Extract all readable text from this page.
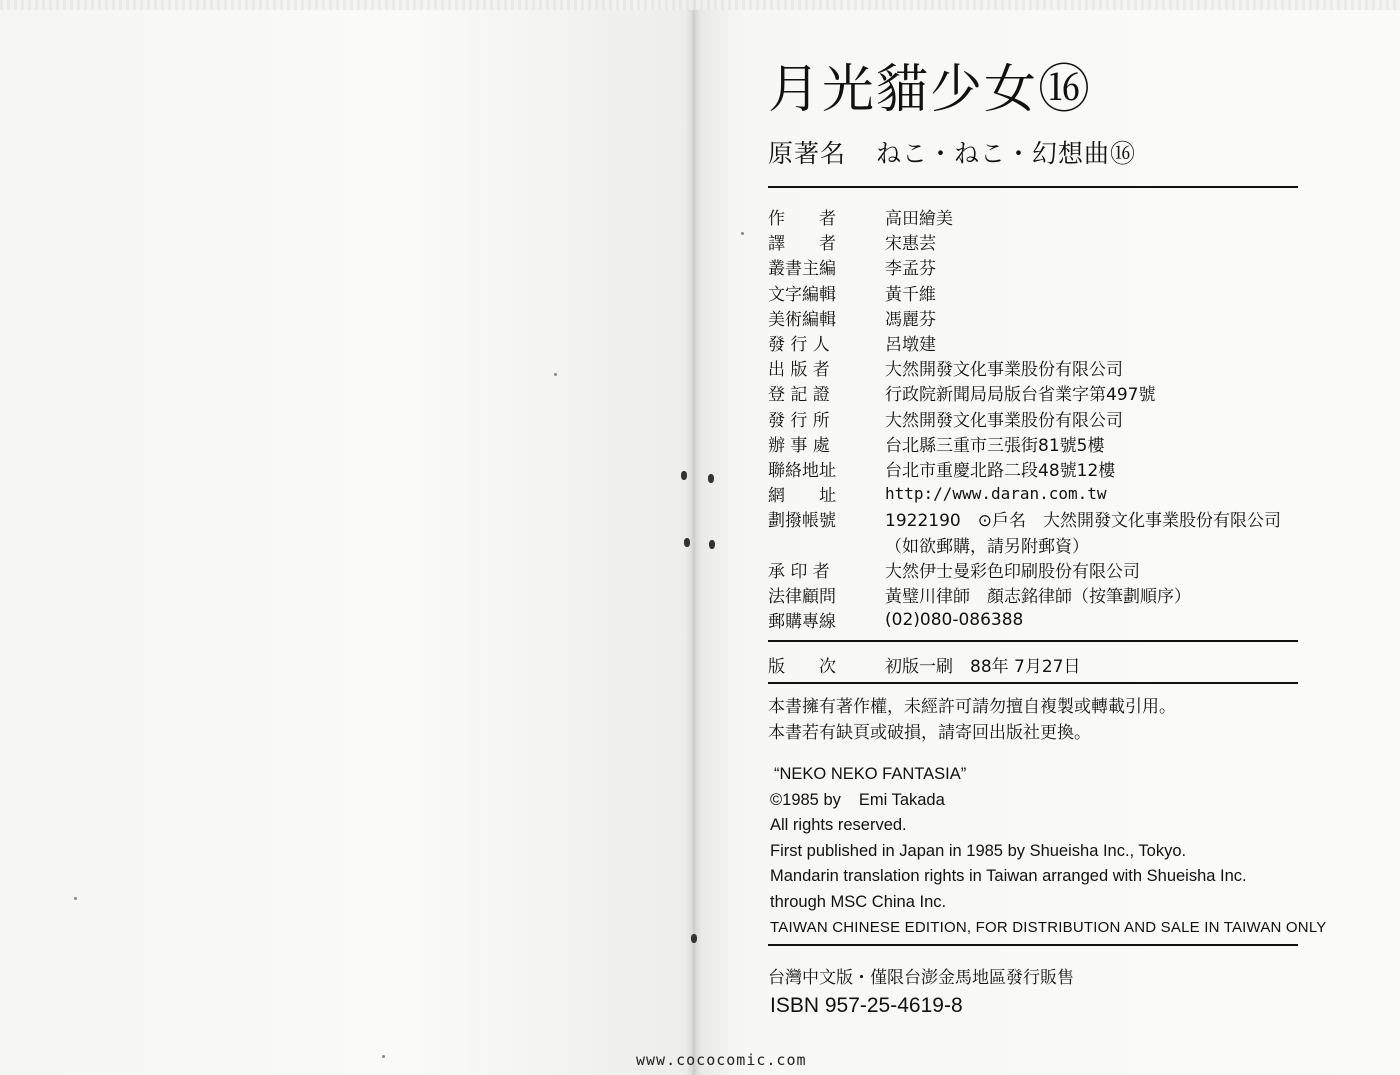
月光貓少女⑯
原著名 ねこ・ねこ・幻想曲⑯
作　　者	高田繪美
譯　　者	宋惠芸
叢書主編	李孟芬
文字編輯	黃千維
美術編輯	馮麗芬
發 行 人	呂墩建
出 版 者	大然開發文化事業股份有限公司
登 記 證	行政院新聞局局版台省業字第497號
發 行 所	大然開發文化事業股份有限公司
辦 事 處	台北縣三重市三張街81號5樓
聯絡地址	台北市重慶北路二段48號12樓
網　　址	http://www.daran.com.tw
劃撥帳號	1922190　⊙戶名　大然開發文化事業股份有限公司
（如欲郵購，請另附郵資）
承 印 者	大然伊士曼彩色印刷股份有限公司
法律顧問	黃璧川律師　顏志銘律師（按筆劃順序）
郵購專線	(02)080-086388
版　　次	初版一刷　88年 7月27日
本書擁有著作權，未經許可請勿擅自複製或轉載引用。
本書若有缺頁或破損，請寄回出版社更換。
“NEKO NEKO FANTASIA”
©1985 by Emi Takada
All rights reserved.
First published in Japan in 1985 by Shueisha Inc., Tokyo.
Mandarin translation rights in Taiwan arranged with Shueisha Inc.
through MSC China Inc.
TAIWAN CHINESE EDITION, FOR DISTRIBUTION AND SALE IN TAIWAN ONLY
台灣中文版・僅限台澎金馬地區發行販售
ISBN 957-25-4619-8
www.cococomic.com
